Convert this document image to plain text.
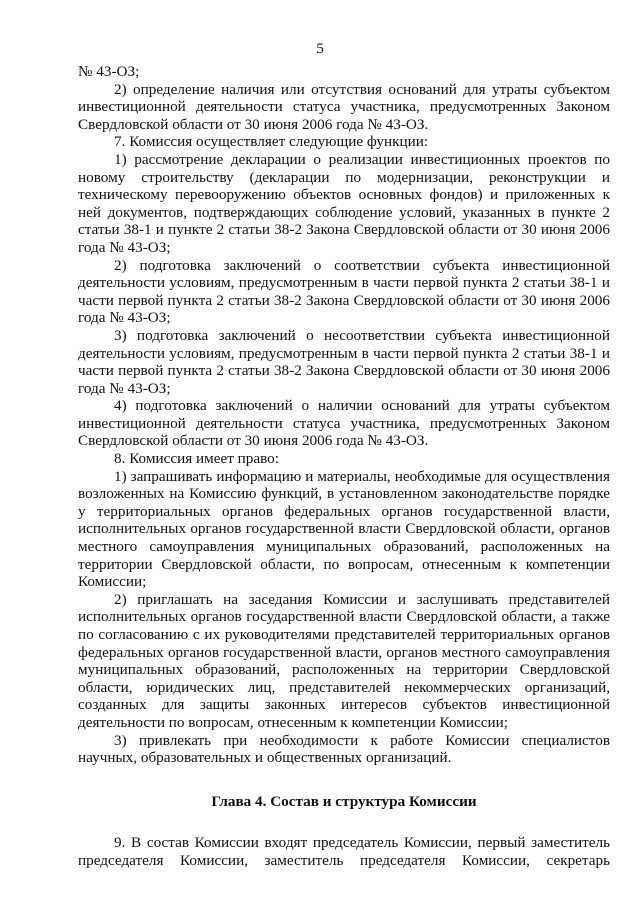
5

№ 43-ОЗ;

2) определение наличия или отсутствия оснований для утраты субъектом инвестиционной деятельности статуса участника, предусмотренных Законом Свердловской области от 30 июня 2006 года № 43-ОЗ.

7. Комиссия осуществляет следующие функции:

1) рассмотрение декларации о реализации инвестиционных проектов по новому строительству (декларации по модернизации, реконструкции и техническому перевооружению объектов основных фондов) и приложенных к ней документов, подтверждающих соблюдение условий, указанных в пункте 2 статьи 38-1 и пункте 2 статьи 38-2 Закона Свердловской области от 30 июня 2006 года № 43-ОЗ;

2) подготовка заключений о соответствии субъекта инвестиционной деятельности условиям, предусмотренным в части первой пункта 2 статьи 38-1 и части первой пункта 2 статьи 38-2 Закона Свердловской области от 30 июня 2006 года № 43-ОЗ;

3) подготовка заключений о несоответствии субъекта инвестиционной деятельности условиям, предусмотренным в части первой пункта 2 статьи 38-1 и части первой пункта 2 статьи 38-2 Закона Свердловской области от 30 июня 2006 года № 43-ОЗ;

4) подготовка заключений о наличии оснований для утраты субъектом инвестиционной деятельности статуса участника, предусмотренных Законом Свердловской области от 30 июня 2006 года № 43-ОЗ.

8. Комиссия имеет право:

1) запрашивать информацию и материалы, необходимые для осуществления возложенных на Комиссию функций, в установленном законодательстве порядке у территориальных органов федеральных органов государственной власти, исполнительных органов государственной власти Свердловской области, органов местного самоуправления муниципальных образований, расположенных на территории Свердловской области, по вопросам, отнесенным к компетенции Комиссии;

2) приглашать на заседания Комиссии и заслушивать представителей исполнительных органов государственной власти Свердловской области, а также по согласованию с их руководителями представителей территориальных органов федеральных органов государственной власти, органов местного самоуправления муниципальных образований, расположенных на территории Свердловской области, юридических лиц, представителей некоммерческих организаций, созданных для защиты законных интересов субъектов инвестиционной деятельности по вопросам, отнесенным к компетенции Комиссии;

3) привлекать при необходимости к работе Комиссии специалистов научных, образовательных и общественных организаций.

Глава 4. Состав и структура Комиссии

9. В состав Комиссии входят председатель Комиссии, первый заместитель председателя Комиссии, заместитель председателя Комиссии, секретарь
